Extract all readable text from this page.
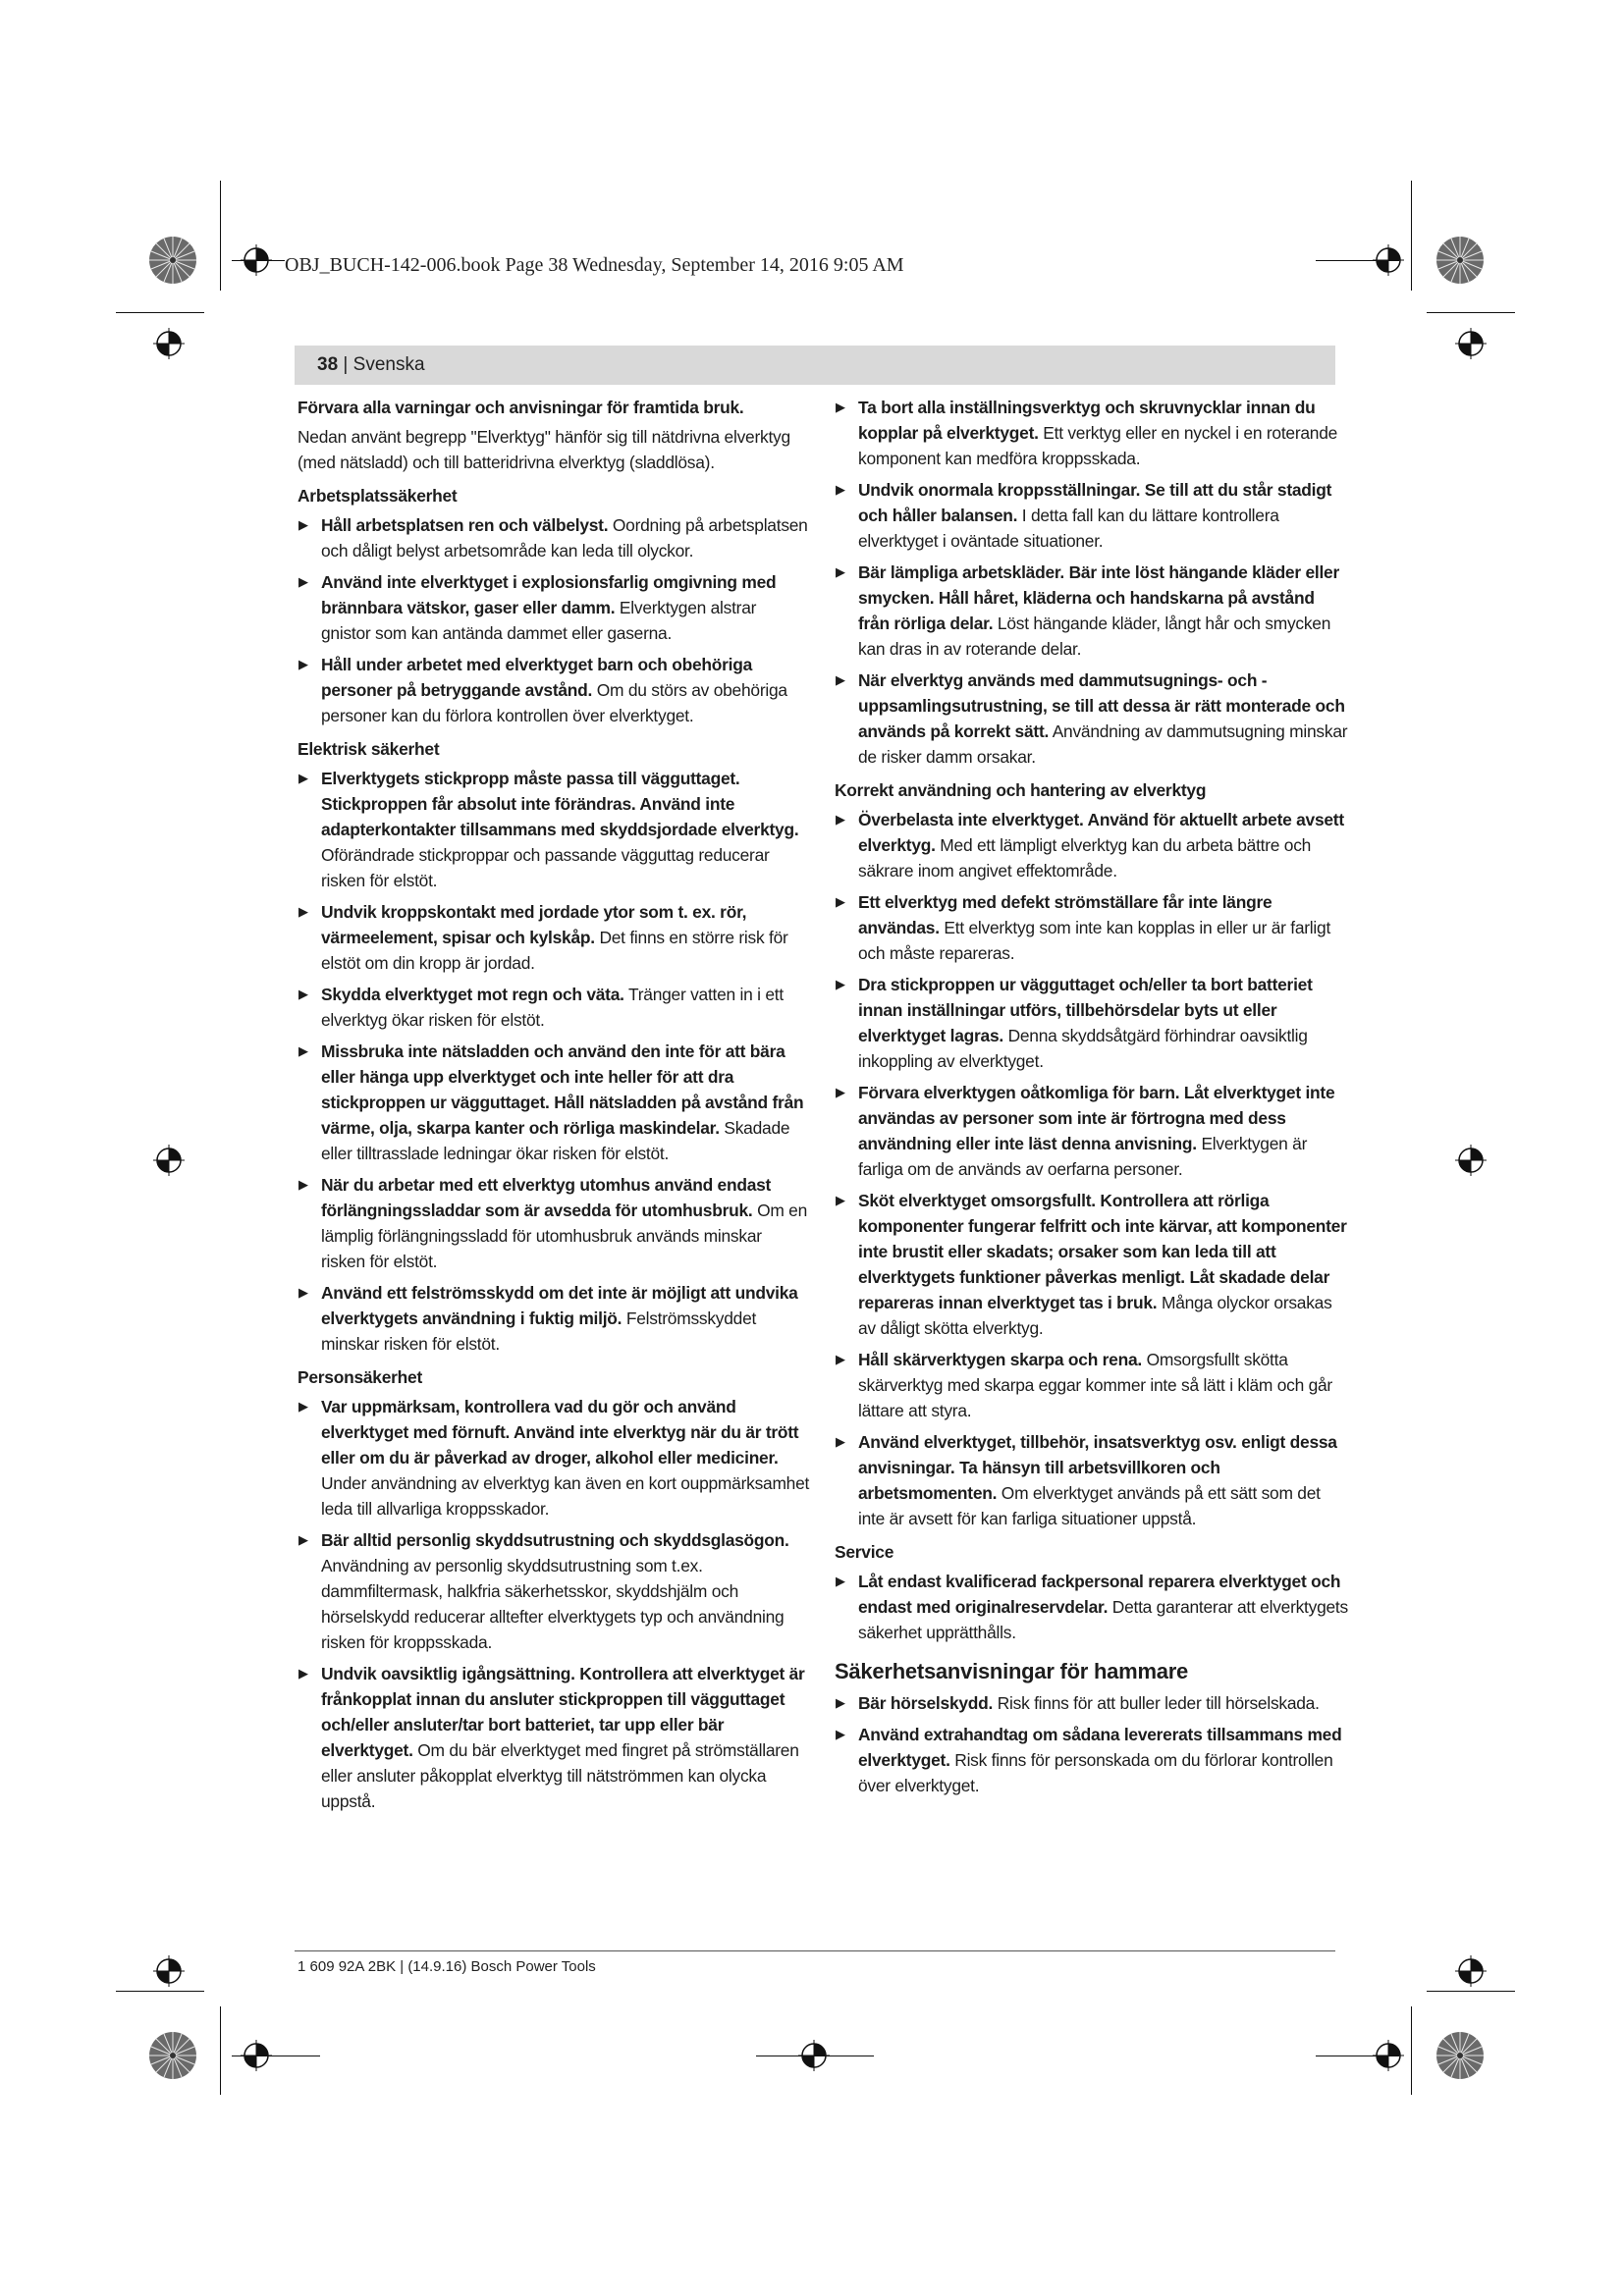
OBJ_BUCH-142-006.book Page 38 Wednesday, September 14, 2016 9:05 AM
38 | Svenska

Förvara alla varningar och anvisningar för framtida bruk.

Nedan använt begrepp "Elverktyg" hänför sig till nätdrivna elverktyg (med nätsladd) och till batteridrivna elverktyg (sladdlösa).

Arbetsplatssäkerhet

▶ Håll arbetsplatsen ren och välbelyst. Oordning på arbetsplatsen och dåligt belyst arbetsområde kan leda till olyckor.
▶ Använd inte elverktyget i explosionsfarlig omgivning med brännbara vätskor, gaser eller damm. Elverktygen alstrar gnistor som kan antända dammet eller gaserna.
▶ Håll under arbetet med elverktyget barn och obehöriga personer på betryggande avstånd. Om du störs av obehöriga personer kan du förlora kontrollen över elverktyget.

Elektrisk säkerhet

▶ Elverktygets stickpropp måste passa till vägguttaget. Stickproppen får absolut inte förändras. Använd inte adapterkontakter tillsammans med skyddsjordade elverktyg. Oförändrade stickproppar och passande vägguttag reducerar risken för elstöt.
▶ Undvik kroppskontakt med jordade ytor som t. ex. rör, värmeelement, spisar och kylskåp. Det finns en större risk för elstöt om din kropp är jordad.
▶ Skydda elverktyget mot regn och väta. Tränger vatten in i ett elverktyg ökar risken för elstöt.
▶ Missbruka inte nätsladden och använd den inte för att bära eller hänga upp elverktyget och inte heller för att dra stickproppen ur vägguttaget. Håll nätsladden på avstånd från värme, olja, skarpa kanter och rörliga maskindelar. Skadade eller tilltrasslade ledningar ökar risken för elstöt.
▶ När du arbetar med ett elverktyg utomhus använd endast förlängningssladdar som är avsedda för utomhusbruk. Om en lämplig förlängningssladd för utomhusbruk används minskar risken för elstöt.
▶ Använd ett felströmsskydd om det inte är möjligt att undvika elverktygets användning i fuktig miljö. Felströmsskyddet minskar risken för elstöt.

Personsäkerhet

▶ Var uppmärksam, kontrollera vad du gör och använd elverktyget med förnuft. Använd inte elverktyg när du är trött eller om du är påverkad av droger, alkohol eller mediciner. Under användning av elverktyg kan även en kort ouppmärksamhet leda till allvarliga kroppsskador.
▶ Bär alltid personlig skyddsutrustning och skyddsglasögon. Användning av personlig skyddsutrustning som t.ex. dammfiltermask, halkfria säkerhetsskor, skyddshjälm och hörselskydd reducerar alltefter elverktygets typ och användning risken för kroppsskada.
▶ Undvik oavsiktlig igångsättning. Kontrollera att elverktyget är frånkopplat innan du ansluter stickproppen till vägguttaget och/eller ansluter/tar bort batteriet, tar upp eller bär elverktyget. Om du bär elverktyget med fingret på strömställaren eller ansluter påkopplat elverktyg till nätströmmen kan olycka uppstå.
▶ Ta bort alla inställningsverktyg och skruvnycklar innan du kopplar på elverktyget. Ett verktyg eller en nyckel i en roterande komponent kan medföra kroppsskada.
▶ Undvik onormala kroppsställningar. Se till att du står stadigt och håller balansen. I detta fall kan du lättare kontrollera elverktyget i oväntade situationer.
▶ Bär lämpliga arbetskläder. Bär inte löst hängande kläder eller smycken. Håll håret, kläderna och handskarna på avstånd från rörliga delar. Löst hängande kläder, långt hår och smycken kan dras in av roterande delar.
▶ När elverktyg används med dammutsugnings- och -uppsamlingsutrustning, se till att dessa är rätt monterade och används på korrekt sätt. Användning av dammutsugning minskar de risker damm orsakar.

Korrekt användning och hantering av elverktyg

▶ Överbelasta inte elverktyget. Använd för aktuellt arbete avsett elverktyg. Med ett lämpligt elverktyg kan du arbeta bättre och säkrare inom angivet effektområde.
▶ Ett elverktyg med defekt strömställare får inte längre användas. Ett elverktyg som inte kan kopplas in eller ur är farligt och måste repareras.
▶ Dra stickproppen ur vägguttaget och/eller ta bort batteriet innan inställningar utförs, tillbehörsdelar byts ut eller elverktyget lagras. Denna skyddsåtgärd förhindrar oavsiktlig inkoppling av elverktyget.
▶ Förvara elverktygen oåtkomliga för barn. Låt elverktyget inte användas av personer som inte är förtrogna med dess användning eller inte läst denna anvisning. Elverktygen är farliga om de används av oerfarna personer.
▶ Sköt elverktyget omsorgsfullt. Kontrollera att rörliga komponenter fungerar felfritt och inte kärvar, att komponenter inte brustit eller skadats; orsaker som kan leda till att elverktygets funktioner påverkas menligt. Låt skadade delar repareras innan elverktyget tas i bruk. Många olyckor orsakas av dåligt skötta elverktyg.
▶ Håll skärverktygen skarpa och rena. Omsorgsfullt skötta skärverktyg med skarpa eggar kommer inte så lätt i kläm och går lättare att styra.
▶ Använd elverktyget, tillbehör, insatsverktyg osv. enligt dessa anvisningar. Ta hänsyn till arbetsvillkoren och arbetsmomenten. Om elverktyget används på ett sätt som det inte är avsett för kan farliga situationer uppstå.

Service

▶ Låt endast kvalificerad fackpersonal reparera elverktyget och endast med originalreservdelar. Detta garanterar att elverktygets säkerhet upprätthålls.

Säkerhetsanvisningar för hammare

▶ Bär hörselskydd. Risk finns för att buller leder till hörselskada.
▶ Använd extrahandtag om sådana levererats tillsammans med elverktyget. Risk finns för personskada om du förlorar kontrollen över elverktyget.
1 609 92A 2BK | (14.9.16) Bosch Power Tools
